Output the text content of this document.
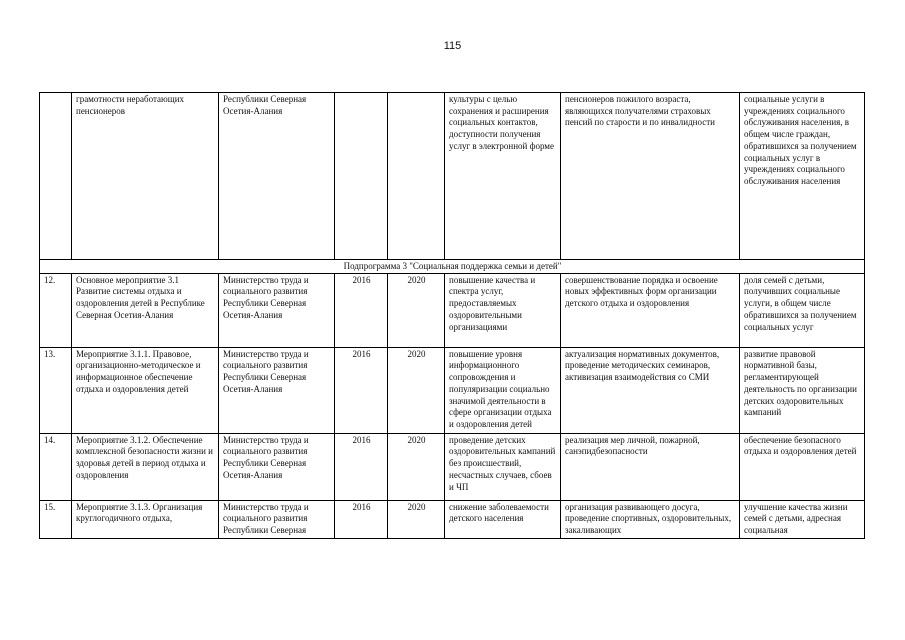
115
	грамотности неработающих пенсионеров	Республики Северная Осетия-Алания			культуры с целью сохранения и расширения социальных контактов, доступности получения услуг в электронной форме	пенсионеров пожилого возраста, являющихся получателями страховых пенсий по старости и по инвалидности	социальные услуги в учреждениях социального обслуживания населения, в общем числе граждан, обратившихся за получением социальных услуг в учреждениях социального обслуживания населения
Подпрограмма 3 "Социальная поддержка семьи и детей"							
12.	Основное мероприятие 3.1 Развитие системы отдыха и оздоровления детей в Республике Северная Осетия-Алания	Министерство труда и социального развития Республики Северная Осетия-Алания	2016	2020	повышение качества и спектра услуг, предоставляемых оздоровительными организациями	совершенствование порядка и освоение новых эффективных форм организации детского отдыха и оздоровления	доля семей с детьми, получивших социальные услуги, в общем числе обратившихся за получением социальных услуг
13.	Мероприятие 3.1.1. Правовое, организационно-методическое и информационное обеспечение отдыха и оздоровления детей	Министерство труда и социального развития Республики Северная Осетия-Алания	2016	2020	повышение уровня информационного сопровождения и популяризации социально значимой деятельности в сфере организации отдыха и оздоровления детей	актуализация нормативных документов, проведение методических семинаров, активизация взаимодействия со СМИ	развитие правовой нормативной базы, регламентирующей деятельность по организации детских оздоровительных кампаний
14.	Мероприятие 3.1.2. Обеспечение комплексной безопасности жизни и здоровья детей в период отдыха и оздоровления	Министерство труда и социального развития Республики Северная Осетия-Алания	2016	2020	проведение детских оздоровительных кампаний без происшествий, несчастных случаев, сбоев и ЧП	реализация мер личной, пожарной, санэпидбезопасности	обеспечение безопасного отдыха и оздоровления детей
15.	Мероприятие 3.1.3. Организация круглогодичного отдыха,	Министерство труда и социального развития Республики Северная	2016	2020	снижение заболеваемости детского населения	организация развивающего досуга, проведение спортивных, оздоровительных, закаливающих	улучшение качества жизни семей с детьми, адресная социальная
